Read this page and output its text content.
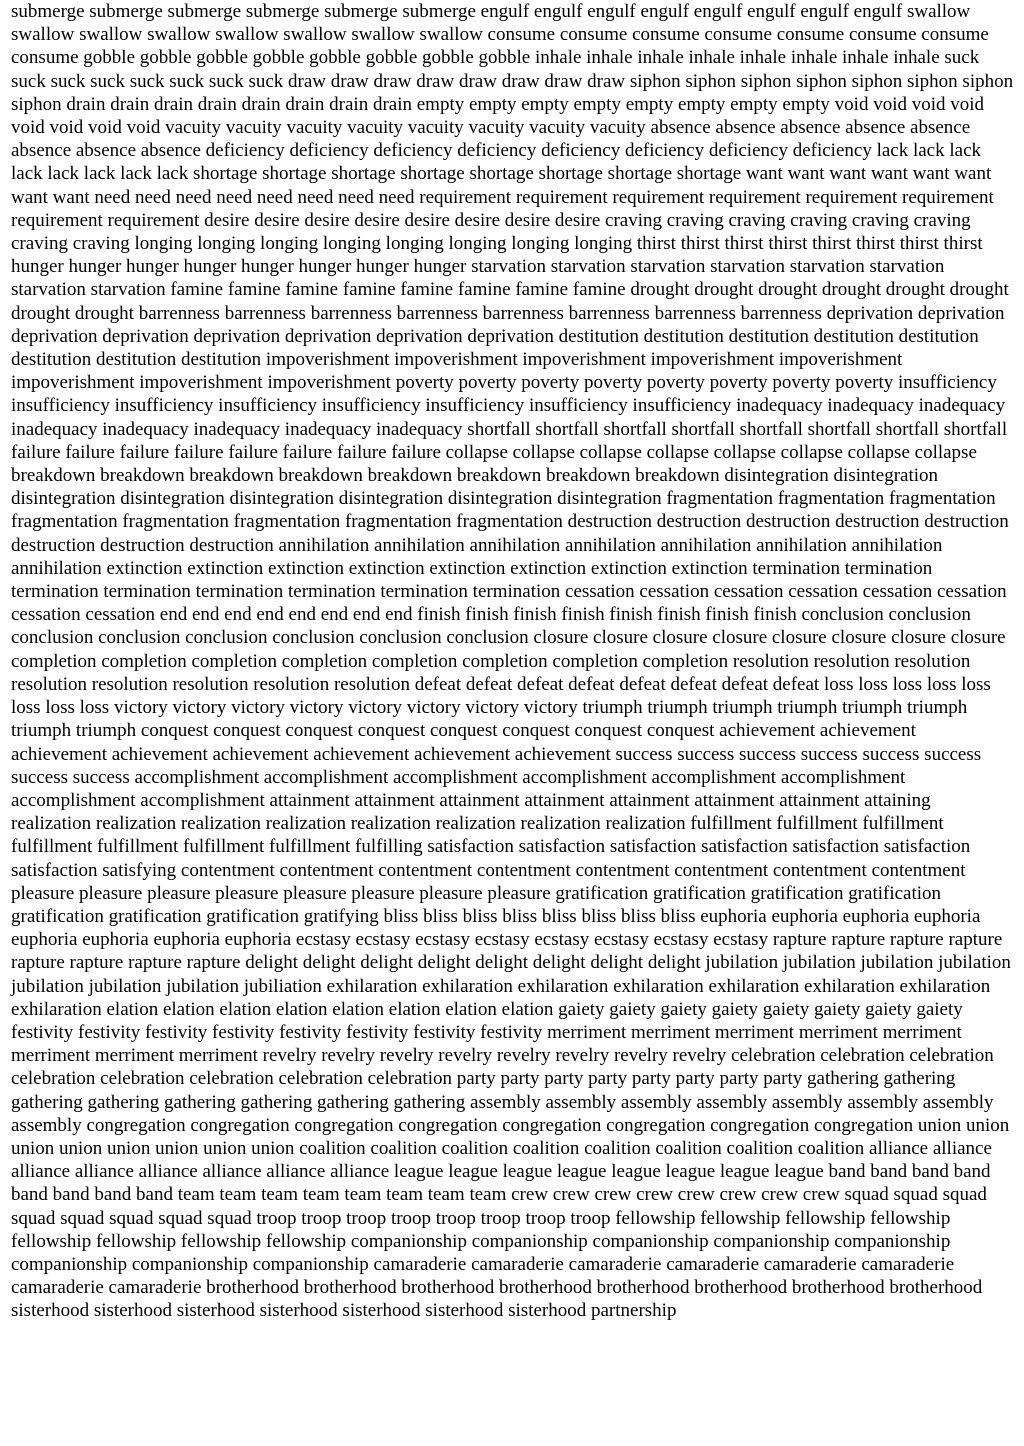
submerge submerge submerge submerge submerge submerge engulf engulf engulf engulf engulf engulf engulf engulf swallow swallow swallow swallow swallow swallow swallow swallow consume consume consume consume consume consume consume consume gobble gobble gobble gobble gobble gobble gobble gobble inhale inhale inhale inhale inhale inhale inhale inhale suck suck suck suck suck suck suck suck draw draw draw draw draw draw draw draw siphon siphon siphon siphon siphon siphon siphon siphon drain drain drain drain drain drain drain drain empty empty empty empty empty empty empty empty void void void void void void void void vacuity vacuity vacuity vacuity vacuity vacuity vacuity vacuity absence absence absence absence absence absence absence absence deficiency deficiency deficiency deficiency deficiency deficiency deficiency deficiency lack lack lack lack lack lack lack lack shortage shortage shortage shortage shortage shortage shortage shortage want want want want want want want want need need need need need need need need requirement requirement requirement requirement requirement requirement requirement requirement desire desire desire desire desire desire desire desire craving craving craving craving craving craving craving craving longing longing longing longing longing longing longing longing thirst thirst thirst thirst thirst thirst thirst thirst hunger hunger hunger hunger hunger hunger hunger hunger starvation starvation starvation starvation starvation starvation starvation starvation famine famine famine famine famine famine famine famine drought drought drought drought drought drought drought drought barrenness barrenness barrenness barrenness barrenness barrenness barrenness barrenness deprivation deprivation deprivation deprivation deprivation deprivation deprivation deprivation destitution destitution destitution destitution destitution destitution destitution destitution impoverishment impoverishment impoverishment impoverishment impoverishment impoverishment impoverishment impoverishment poverty poverty poverty poverty poverty poverty poverty poverty insufficiency insufficiency insufficiency insufficiency insufficiency insufficiency insufficiency insufficiency inadequacy inadequacy inadequacy inadequacy inadequacy inadequacy inadequacy inadequacy shortfall shortfall shortfall shortfall shortfall shortfall shortfall shortfall failure failure failure failure failure failure failure failure collapse collapse collapse collapse collapse collapse collapse collapse breakdown breakdown breakdown breakdown breakdown breakdown breakdown breakdown disintegration disintegration disintegration disintegration disintegration disintegration disintegration disintegration fragmentation fragmentation fragmentation fragmentation fragmentation fragmentation fragmentation fragmentation destruction destruction destruction destruction destruction destruction destruction destruction annihilation annihilation annihilation annihilation annihilation annihilation annihilation annihilation extinction extinction extinction extinction extinction extinction extinction extinction termination termination termination termination termination termination termination termination cessation cessation cessation cessation cessation cessation cessation cessation end end end end end end end end finish finish finish finish finish finish finish finish conclusion conclusion conclusion conclusion conclusion conclusion conclusion conclusion closure closure closure closure closure closure closure closure completion completion completion completion completion completion completion completion resolution resolution resolution resolution resolution resolution resolution resolution defeat defeat defeat defeat defeat defeat defeat defeat loss loss loss loss loss loss loss loss victory victory victory victory victory victory victory victory triumph triumph triumph triumph triumph triumph triumph triumph conquest conquest conquest conquest conquest conquest conquest conquest achievement achievement achievement achievement achievement achievement achievement achievement success success success success success success success success accomplishment accomplishment accomplishment accomplishment accomplishment accomplishment accomplishment accomplishment attainment attainment attainment attainment attainment attainment attainment attaining realization realization realization realization realization realization realization realization fulfillment fulfillment fulfillment fulfillment fulfillment fulfillment fulfillment fulfilling satisfaction satisfaction satisfaction satisfaction satisfaction satisfaction satisfaction satisfying contentment contentment contentment contentment contentment contentment contentment contentment pleasure pleasure pleasure pleasure pleasure pleasure pleasure pleasure gratification gratification gratification gratification gratification gratification gratification gratifying bliss bliss bliss bliss bliss bliss bliss bliss euphoria euphoria euphoria euphoria euphoria euphoria euphoria euphoria ecstasy ecstasy ecstasy ecstasy ecstasy ecstasy ecstasy ecstasy rapture rapture rapture rapture rapture rapture rapture rapture delight delight delight delight delight delight delight delight jubilation jubilation jubilation jubilation jubilation jubilation jubilation jubiliation exhilaration exhilaration exhilaration exhilaration exhilaration exhilaration exhilaration exhilaration elation elation elation elation elation elation elation elation gaiety gaiety gaiety gaiety gaiety gaiety gaiety gaiety festivity festivity festivity festivity festivity festivity festivity festivity merriment merriment merriment merriment merriment merriment merriment merriment revelry revelry revelry revelry revelry revelry revelry revelry celebration celebration celebration celebration celebration celebration celebration celebration party party party party party party party party gathering gathering gathering gathering gathering gathering gathering gathering assembly assembly assembly assembly assembly assembly assembly assembly congregation congregation congregation congregation congregation congregation congregation congregation union union union union union union union union coalition coalition coalition coalition coalition coalition coalition coalition alliance alliance alliance alliance alliance alliance alliance alliance league league league league league league league league band band band band band band band band team team team team team team team team crew crew crew crew crew crew crew crew squad squad squad squad squad squad squad squad troop troop troop troop troop troop troop troop fellowship fellowship fellowship fellowship fellowship fellowship fellowship fellowship companionship companionship companionship companionship companionship companionship companionship companionship camaraderie camaraderie camaraderie camaraderie camaraderie camaraderie camaraderie camaraderie brotherhood brotherhood brotherhood brotherhood brotherhood brotherhood brotherhood brotherhood sisterhood sisterhood sisterhood sisterhood sisterhood sisterhood sisterhood partnership
